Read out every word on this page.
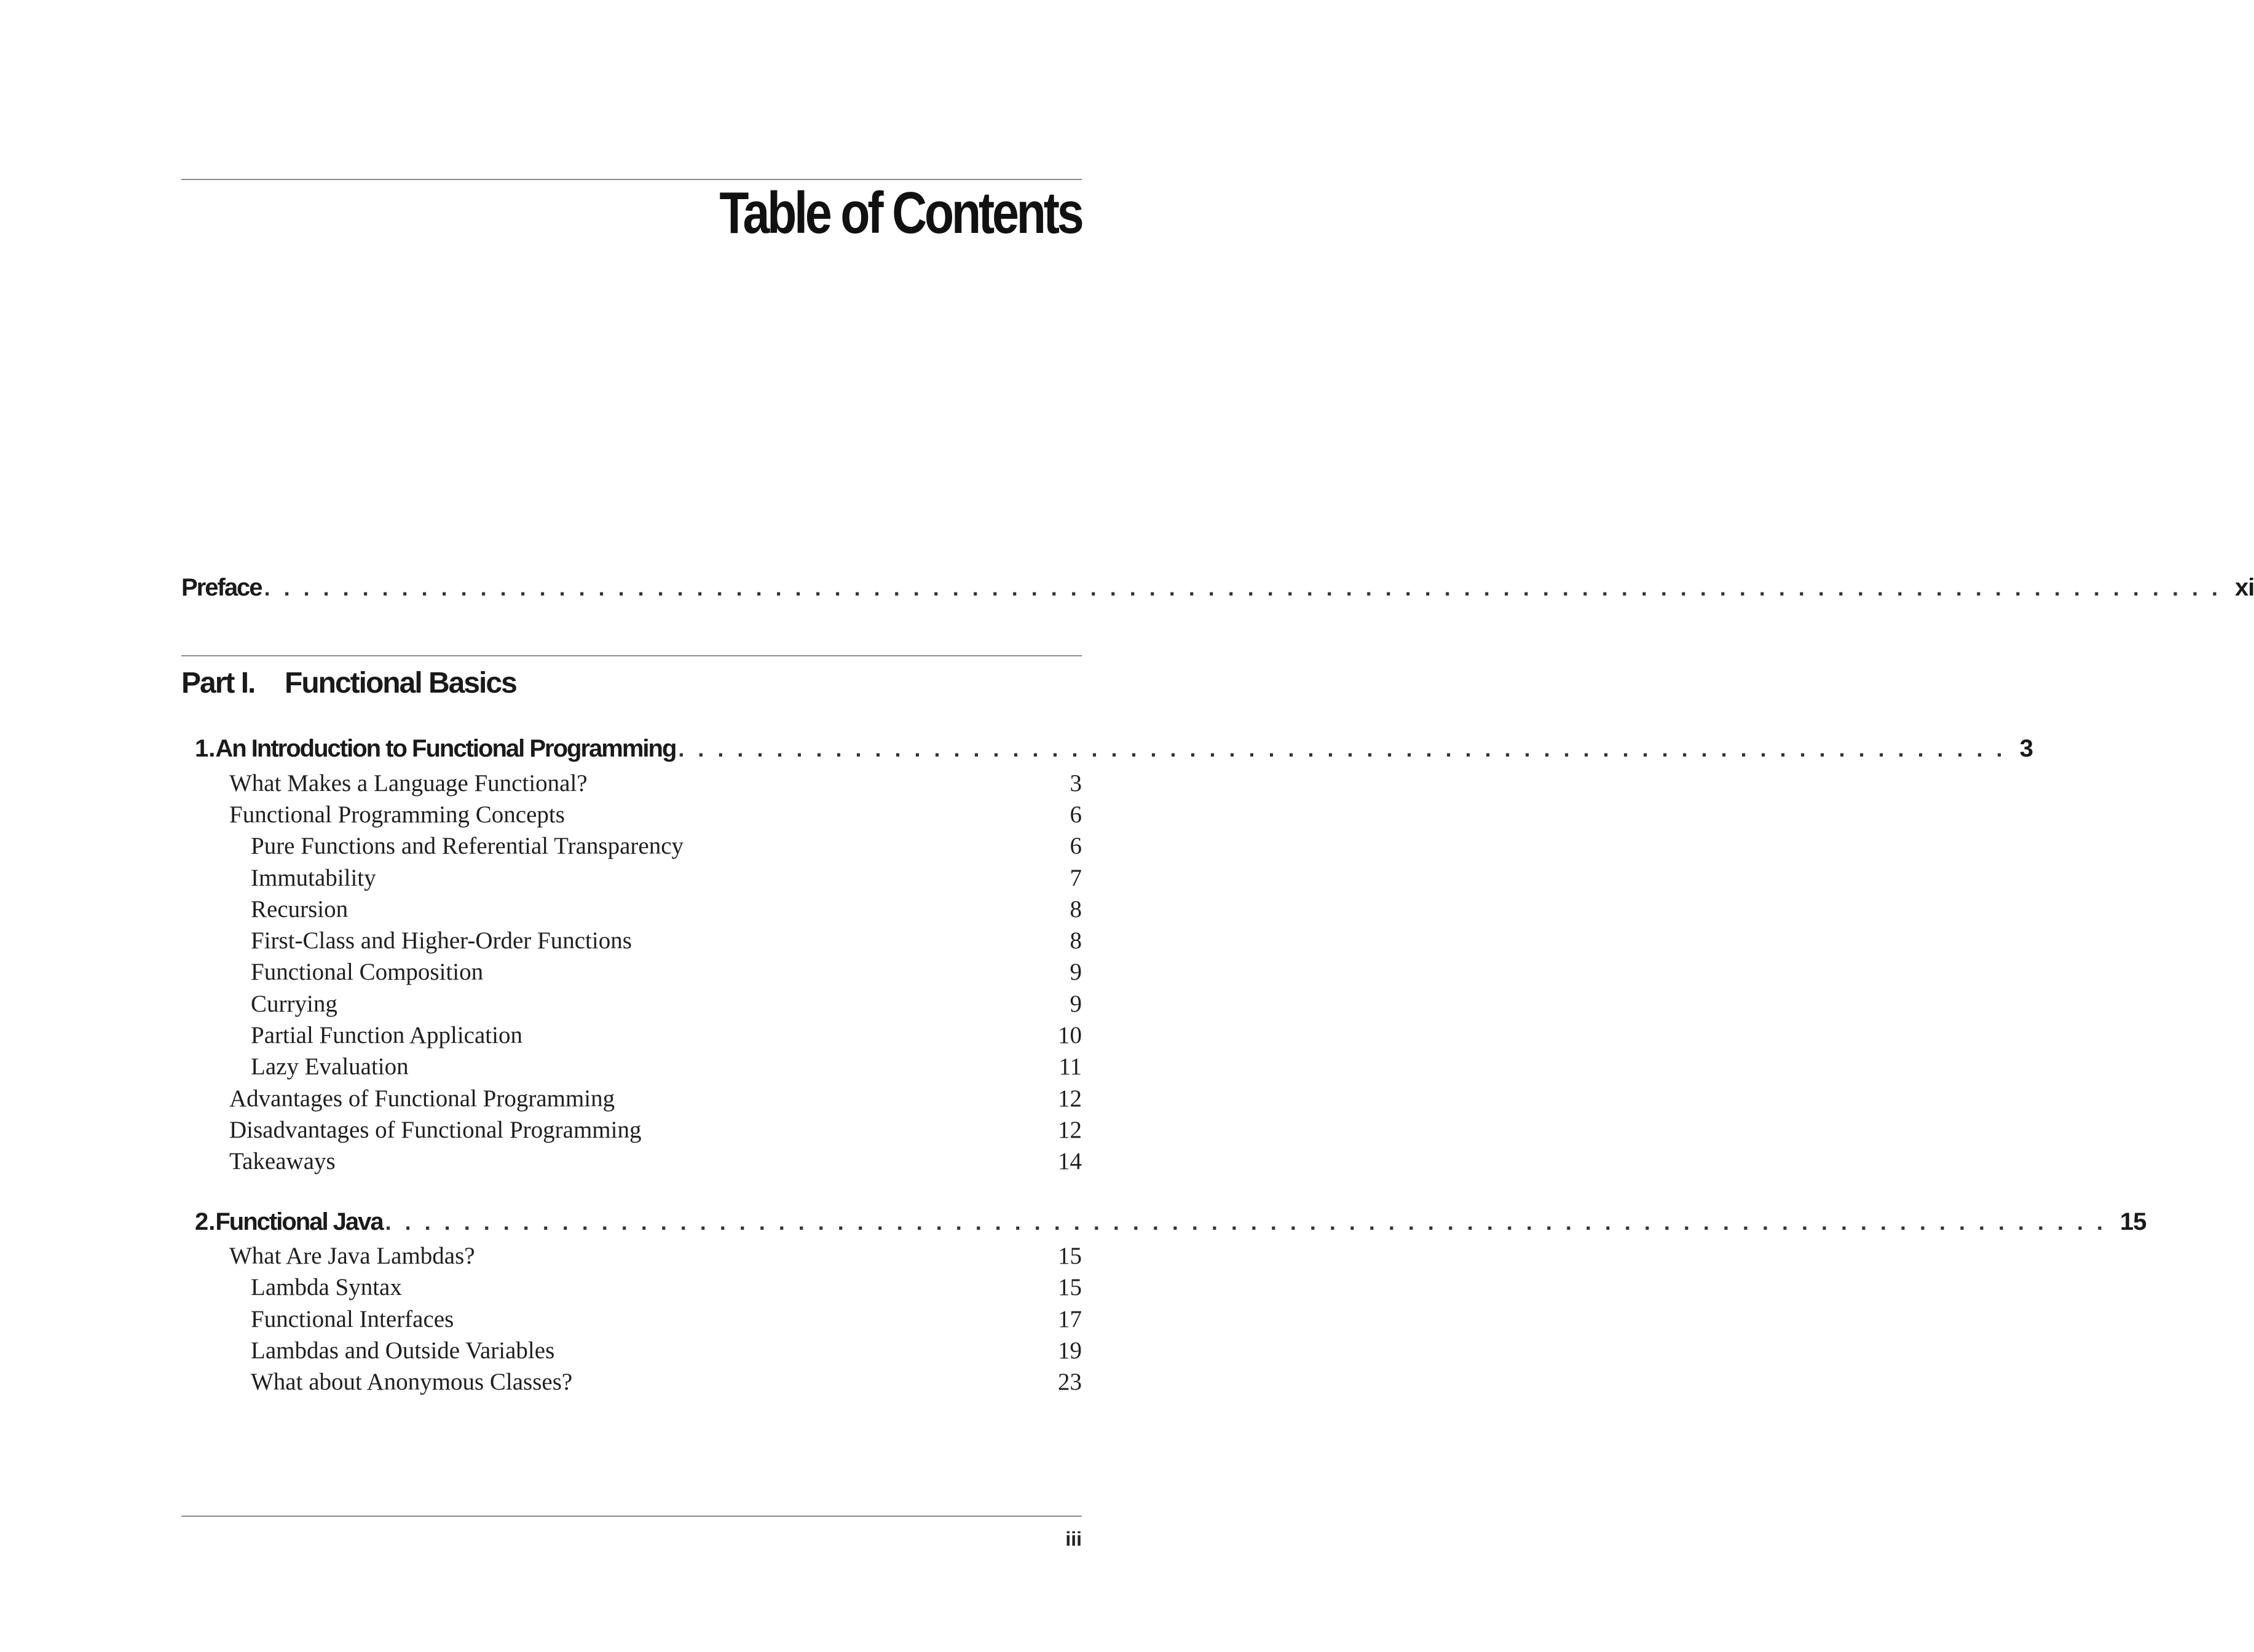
Table of Contents
Preface . . . . . . . . . . . . . . . . . . . . . . . . . . . . . . . . . . . . . . . . . . . . . . . . . . . . . . . . . . . . . . . . . . . . . . . . . . . . . . . . . . . . . . . . . . . . . . . . . . . . xi
Part I. Functional Basics
1. An Introduction to Functional Programming . . . . . . . . . . . . . . . . . . . . . . . . . . . . . . . . . . . . . . . . . . . . . . . . . . . . . . . . . . . . . . . . . . . . 3
What Makes a Language Functional?	3
Functional Programming Concepts	6
Pure Functions and Referential Transparency	6
Immutability	7
Recursion	8
First-Class and Higher-Order Functions	8
Functional Composition	9
Currying	9
Partial Function Application	10
Lazy Evaluation	11
Advantages of Functional Programming	12
Disadvantages of Functional Programming	12
Takeaways	14
2. Functional Java . . . . . . . . . . . . . . . . . . . . . . . . . . . . . . . . . . . . . . . . . . . . . . . . . . . . . . . . . . . . . . . . . . . . . . . . . . . . . . . . . . . . . . . . 15
What Are Java Lambdas?	15
Lambda Syntax	15
Functional Interfaces	17
Lambdas and Outside Variables	19
What about Anonymous Classes?	23
iii
